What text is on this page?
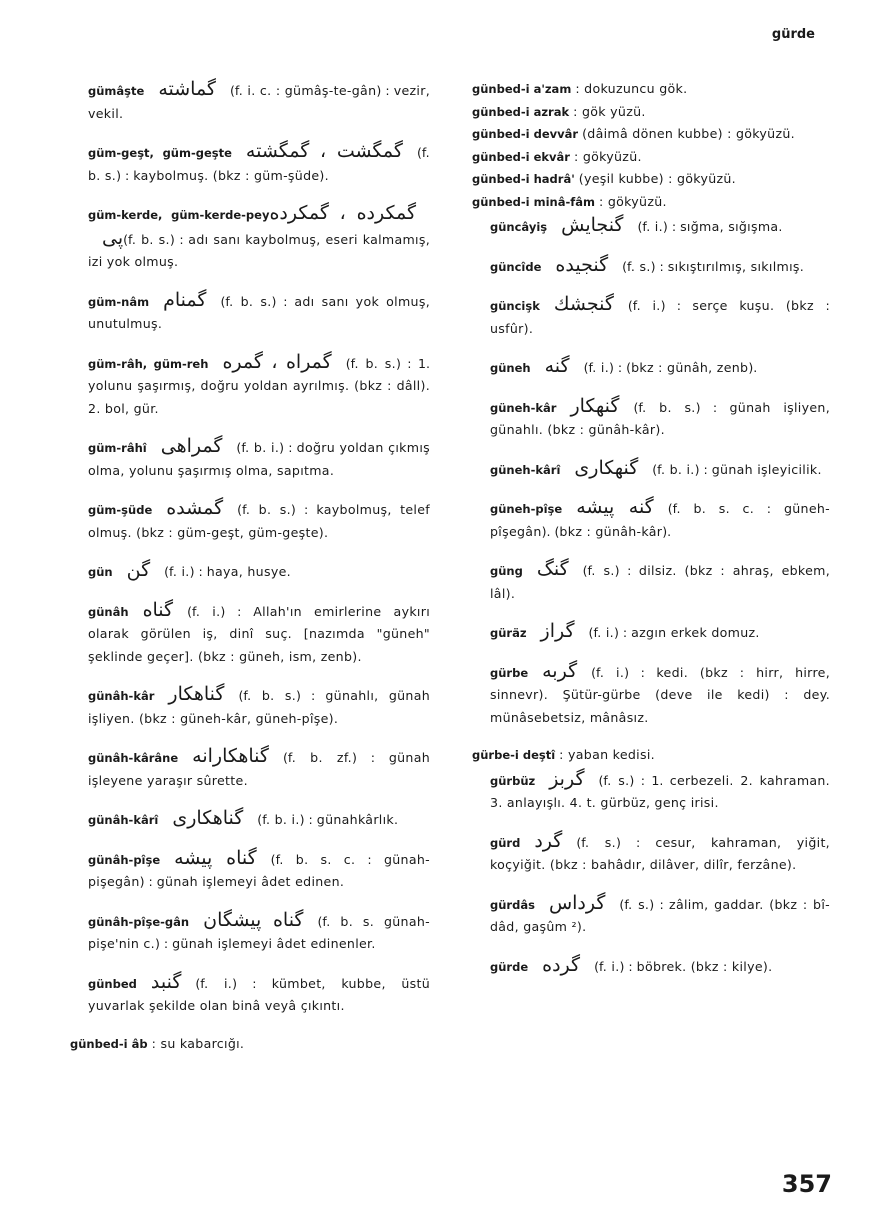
gürde
gümâşte گماشته (f. i. c. : gümâş-te-gân) : vezir, vekil.
güm-geşt, güm-geşte گمگشت ، گمگشته (f. b. s.) : kaybolmuş. (bkz : güm-şüde).
güm-kerde, güm-kerde-peyگمکرده ، گمکرده پی(f. b. s.) : adı sanı kaybolmuş, eseri kalmamış, izi yok olmuş.
güm-nâm گمنام (f. b. s.) : adı sanı yok olmuş, unutulmuş.
güm-râh, güm-reh گمراه ، گمره (f. b. s.) : 1. yolunu şaşırmış, doğru yoldan ayrılmış. (bkz : dâll). 2. bol, gür.
güm-râhî گمراهی (f. b. i.) : doğru yoldan çıkmış olma, yolunu şaşırmış olma, sapıtma.
güm-şüde گمشده (f. b. s.) : kaybolmuş, telef olmuş. (bkz : güm-geşt, güm-geşte).
gün گن (f. i.) : haya, husye.
günâh گناه (f. i.) : Allah'ın emirlerine aykırı olarak görülen iş, dinî suç. [nazımda "güneh" şeklinde geçer]. (bkz : güneh, ism, zenb).
günâh-kâr گناهکار (f. b. s.) : günahlı, günah işliyen. (bkz : güneh-kâr, güneh-pîşe).
günâh-kârâne گناهکارانه (f. b. zf.) : günah işleyene yaraşır sûrette.
günâh-kârî گناهکاری (f. b. i.) : günahkârlık.
günâh-pîşe گناه پیشه (f. b. s. c. : günah-pişegân) : günah işlemeyi âdet edinen.
günâh-pîşe-gân گناه پیشگان (f. b. s. günah-pişe'nin c.) : günah işlemeyi âdet edinenler.
günbed گنبد (f. i.) : kümbet, kubbe, üstü yuvarlak şekilde olan binâ veyâ çıkıntı.
günbed-i âb : su kabarcığı.
günbed-i a'zam : dokuzuncu gök.
günbed-i azrak : gök yüzü.
günbed-i devvâr (dâimâ dönen kubbe) : gökyüzü.
günbed-i ekvâr : gökyüzü.
günbed-i hadrâ' (yeşil kubbe) : gökyüzü.
günbed-i minâ-fâm : gökyüzü.
güncâyiş گنجایش (f. i.) : sığma, sığışma.
güncîde گنجیده (f. s.) : sıkıştırılmış, sıkılmış.
güncişk گنجشك (f. i.) : serçe kuşu. (bkz : usfûr).
güneh گنه (f. i.) : (bkz : günâh, zenb).
güneh-kâr گنهکار (f. b. s.) : günah işliyen, günahlı. (bkz : günâh-kâr).
güneh-kârî گنهکاری (f. b. i.) : günah işleyicilik.
güneh-pîşe گنه پیشه (f. b. s. c. : güneh-pîşegân). (bkz : günâh-kâr).
güng گنگ (f. s.) : dilsiz. (bkz : ahraş, ebkem, lâl).
güräz گراز (f. i.) : azgın erkek domuz.
gürbe گربه (f. i.) : kedi. (bkz : hirr, hirre, sinnevr). Şütür-gürbe (deve ile kedi) : dey. münâsebetsiz, mânâsız.
gürbe-i deştî : yaban kedisi.
gürbüz گربز (f. s.) : 1. cerbezeli. 2. kahraman. 3. anlayışlı. 4. t. gürbüz, genç irisi.
gürd گرد (f. s.) : cesur, kahraman, yiğit, koçyiğit. (bkz : bahâdır, dilâver, dilîr, ferzâne).
gürdâs گرداس (f. s.) : zâlim, gaddar. (bkz : bî-dâd, gaşûm ²).
gürde گرده (f. i.) : böbrek. (bkz : kilye).
357
